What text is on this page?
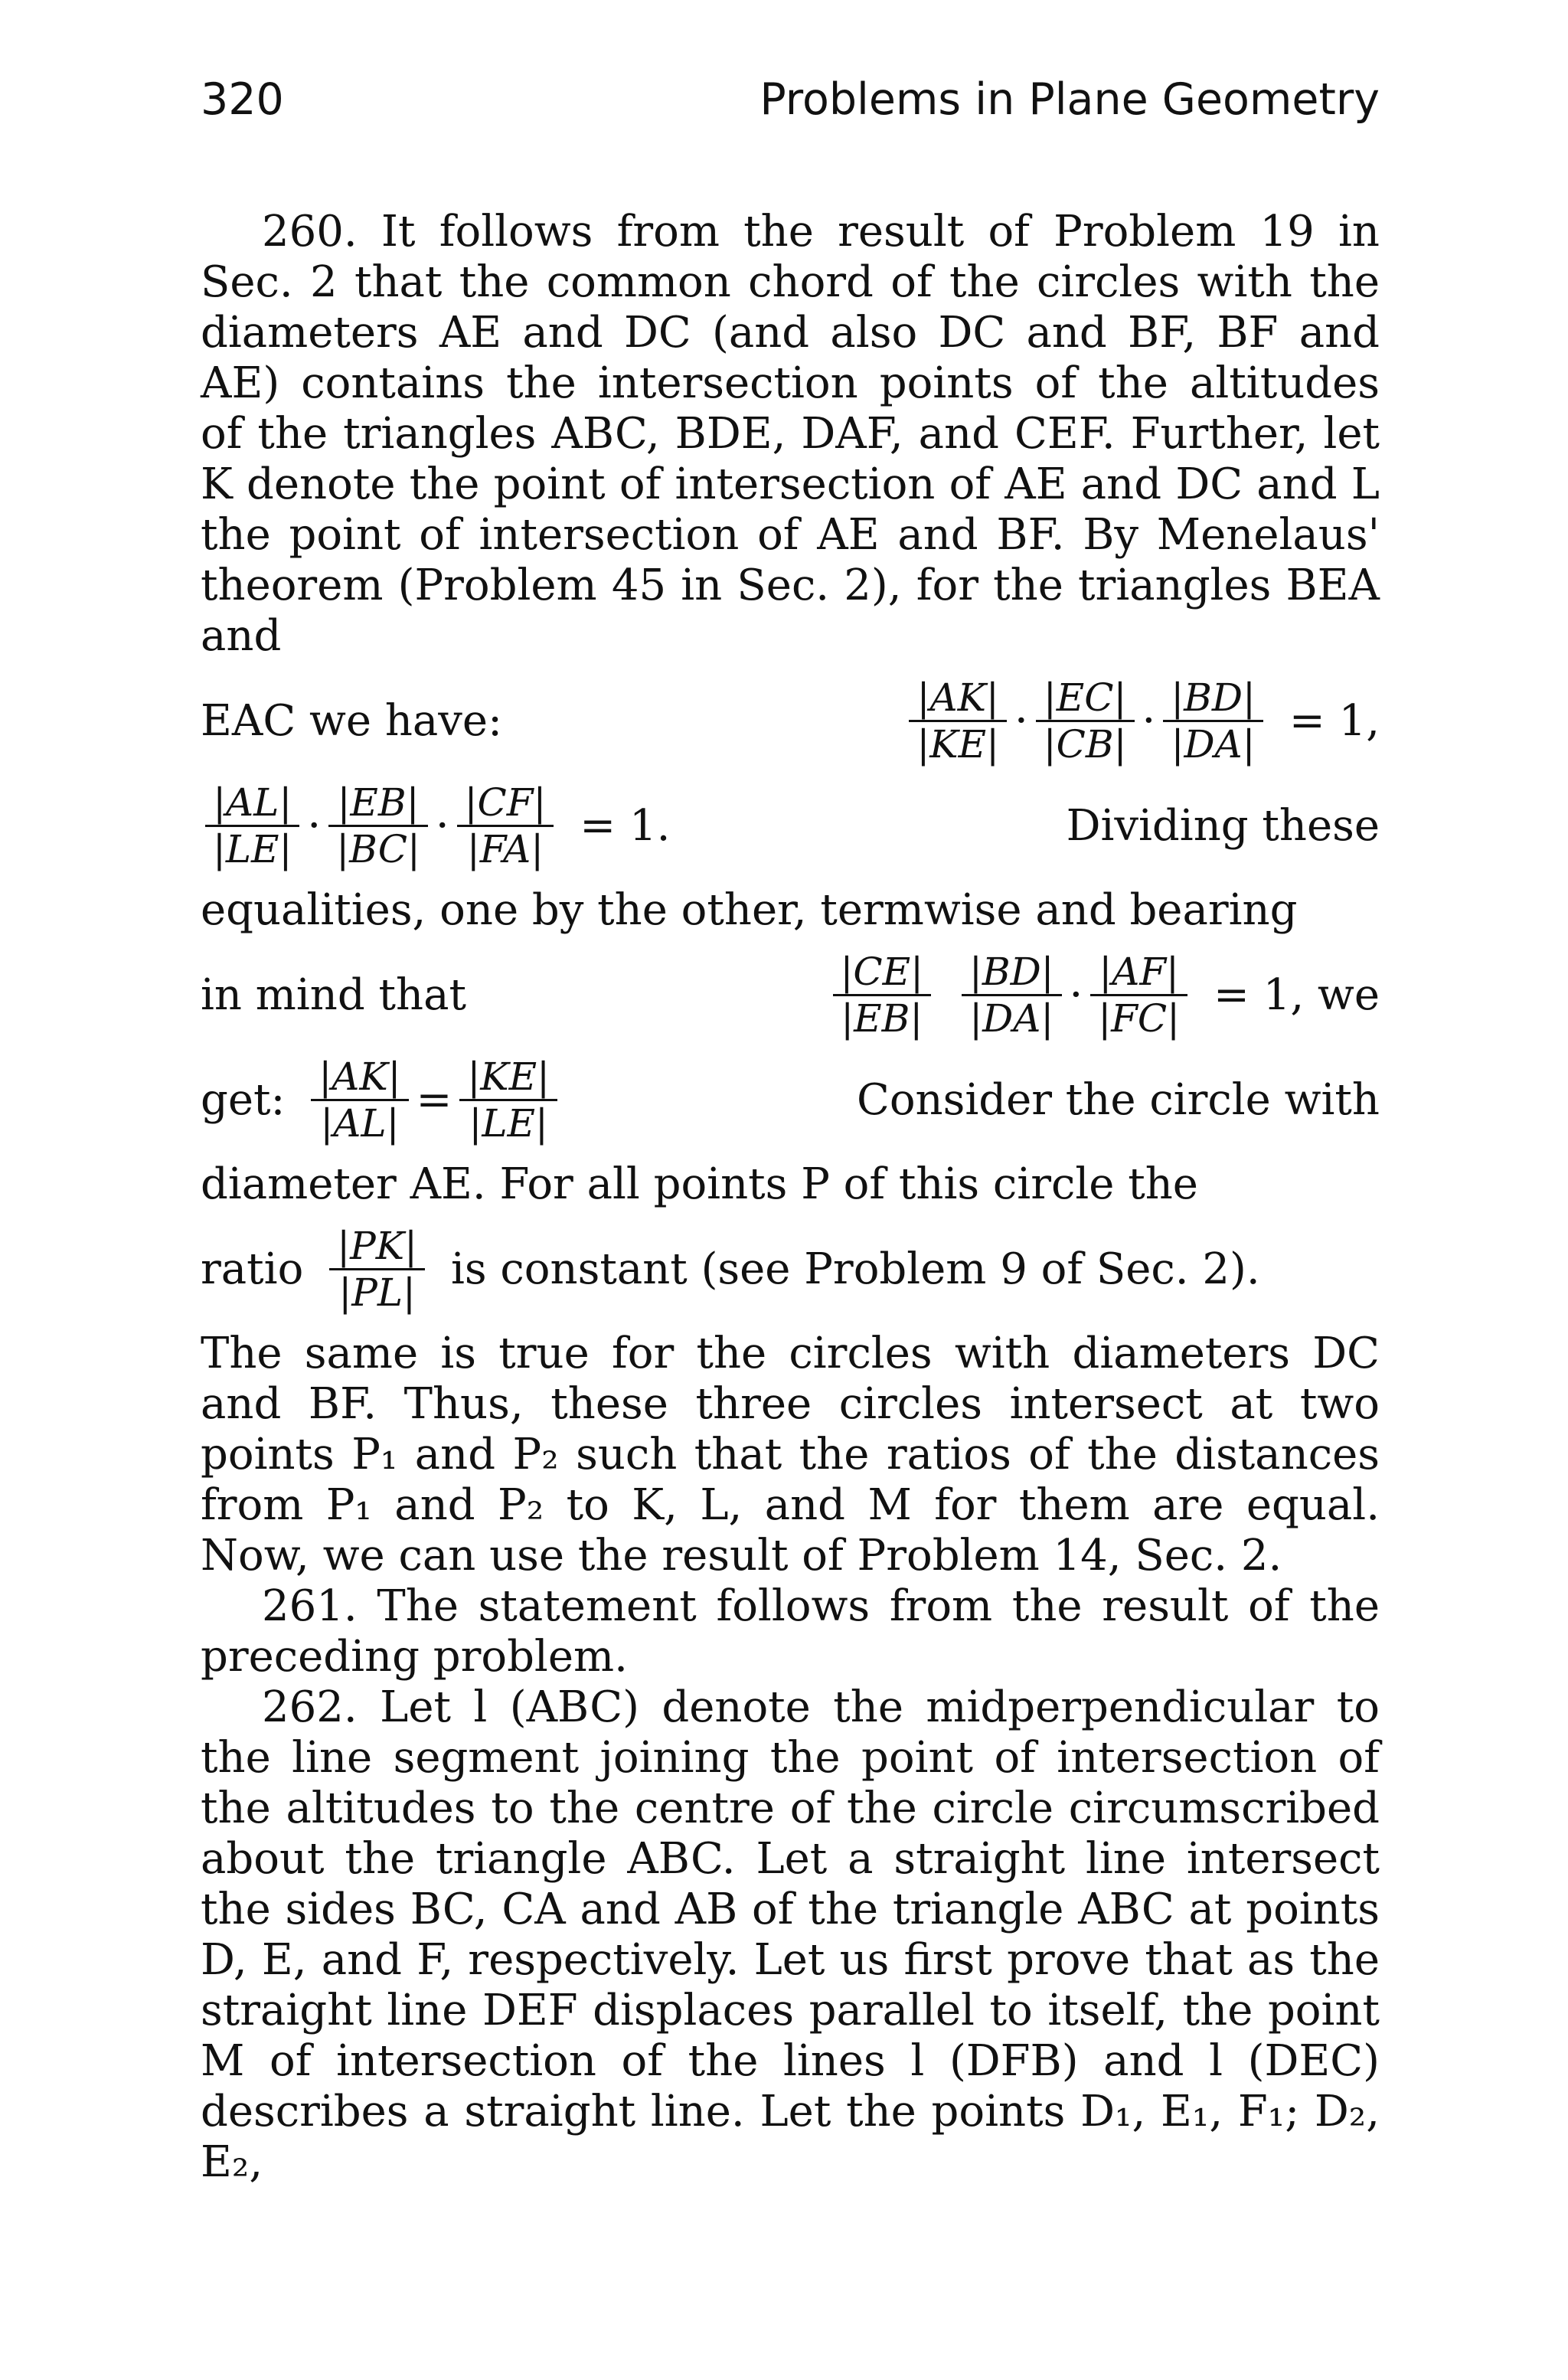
320	Problems in Plane Geometry

260. It follows from the result of Problem 19 in Sec. 2 that the common chord of the circles with the diameters AE and DC (and also DC and BF, BF and AE) contains the intersection points of the altitudes of the triangles ABC, BDE, DAF, and CEF. Further, let K denote the point of intersection of AE and DC and L the point of intersection of AE and BF. By Menelaus' theorem (Problem 45 in Sec. 2), for the triangles BEA and

EAC we have:	$\frac{|AK|}{|KE|} \cdot \frac{|EC|}{|CB|} \cdot \frac{|BD|}{|DA|} = 1$,
$\frac{|AL|}{|LE|} \cdot \frac{|EB|}{|BC|} \cdot \frac{|CF|}{|FA|} = 1$.	Dividing these

equalities, one by the other, termwise and bearing

in mind that	$\frac{|CE|}{|EB|} \frac{|BD|}{|DA|} \cdot \frac{|AF|}{|FC|} = 1$, we
get: $\frac{|AK|}{|AL|} = \frac{|KE|}{|LE|}$	Consider the circle with

diameter AE. For all points P of this circle the

ratio $\frac{|PK|}{|PL|}$ is constant (see Problem 9 of Sec. 2).

The same is true for the circles with diameters DC and BF. Thus, these three circles intersect at two points P₁ and P₂ such that the ratios of the distances from P₁ and P₂ to K, L, and M for them are equal. Now, we can use the result of Problem 14, Sec. 2.

261. The statement follows from the result of the preceding problem.

262. Let l (ABC) denote the midperpendicular to the line segment joining the point of intersection of the altitudes to the centre of the circle circumscribed about the triangle ABC. Let a straight line intersect the sides BC, CA and AB of the triangle ABC at points D, E, and F, respectively. Let us first prove that as the straight line DEF displaces parallel to itself, the point M of intersection of the lines l (DFB) and l (DEC) describes a straight line. Let the points D₁, E₁, F₁; D₂, E₂,
